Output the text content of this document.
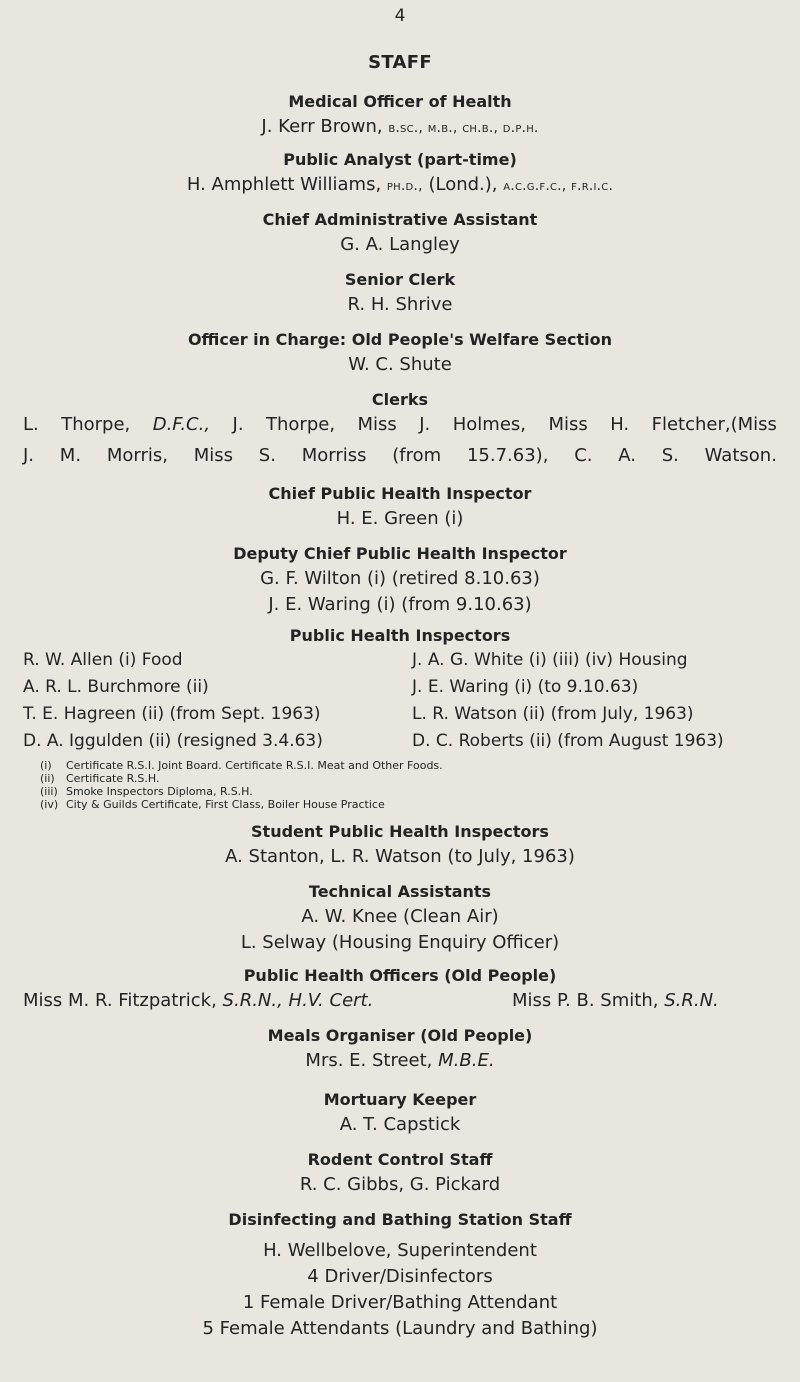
4

STAFF

Medical Officer of Health

J. Kerr Brown, b.sc., m.b., ch.b., d.p.h.

Public Analyst (part-time)

H. Amphlett Williams, ph.d., (Lond.), a.c.g.f.c., f.r.i.c.

Chief Administrative Assistant

G. A. Langley

Senior Clerk

R. H. Shrive

Officer in Charge: Old People's Welfare Section

W. C. Shute

Clerks

L. Thorpe, D.F.C., J. Thorpe, Miss J. Holmes, Miss H. Fletcher,(Miss
J. M. Morris, Miss S. Morriss (from 15.7.63), C. A. S. Watson.

Chief Public Health Inspector

H. E. Green (i)

Deputy Chief Public Health Inspector

G. F. Wilton (i) (retired 8.10.63)

J. E. Waring (i) (from 9.10.63)

Public Health Inspectors

R. W. Allen (i) Food
A. R. L. Burchmore (ii)
T. E. Hagreen (ii) (from Sept. 1963)
D. A. Iggulden (ii) (resigned 3.4.63)
J. A. G. White (i) (iii) (iv) Housing
J. E. Waring (i) (to 9.10.63)
L. R. Watson (ii) (from July, 1963)
D. C. Roberts (ii) (from August 1963)
(i) Certificate R.S.I. Joint Board. Certificate R.S.I. Meat and Other Foods.
(ii) Certificate R.S.H.
(iii) Smoke Inspectors Diploma, R.S.H.
(iv) City & Guilds Certificate, First Class, Boiler House Practice

Student Public Health Inspectors

A. Stanton, L. R. Watson (to July, 1963)

Technical Assistants

A. W. Knee (Clean Air)

L. Selway (Housing Enquiry Officer)

Public Health Officers (Old People)

Miss M. R. Fitzpatrick, S.R.N., H.V. Cert.	Miss P. B. Smith, S.R.N.

Meals Organiser (Old People)

Mrs. E. Street, M.B.E.

Mortuary Keeper

A. T. Capstick

Rodent Control Staff

R. C. Gibbs, G. Pickard

Disinfecting and Bathing Station Staff

H. Wellbelove, Superintendent

4 Driver/Disinfectors

1 Female Driver/Bathing Attendant

5 Female Attendants (Laundry and Bathing)
